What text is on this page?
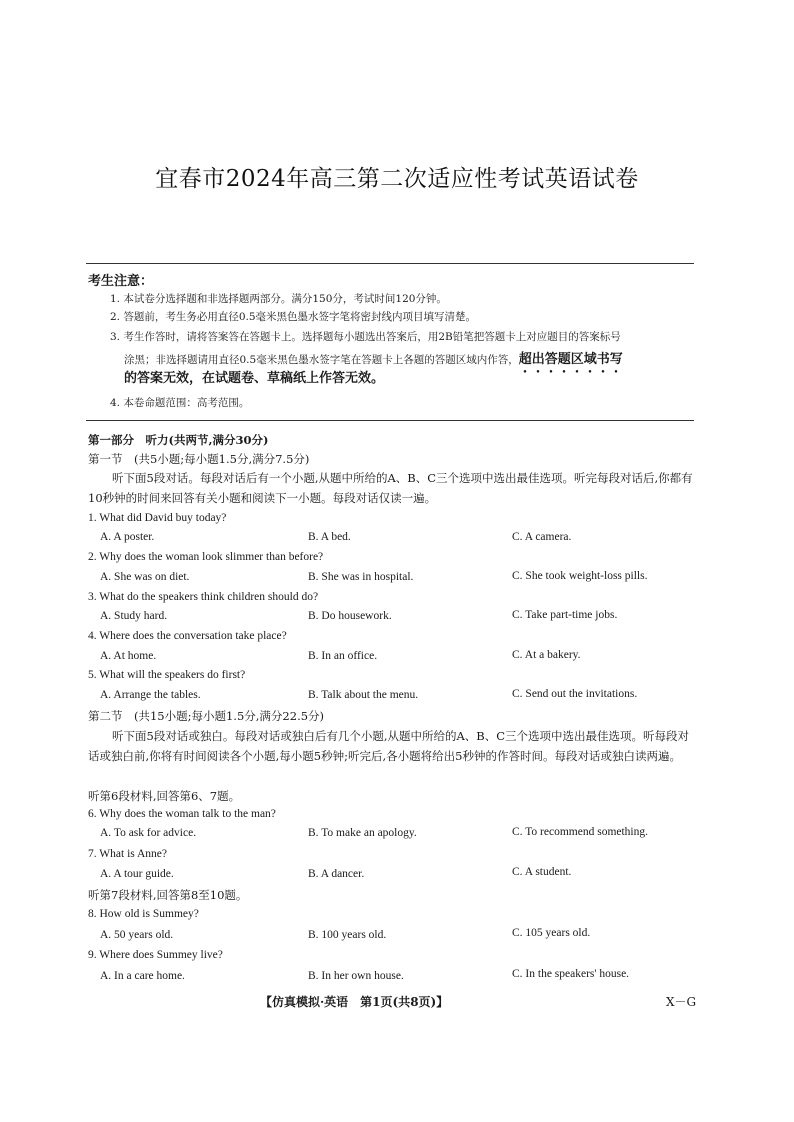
宜春市2024年高三第二次适应性考试英语试卷
考生注意：
1. 本试卷分选择题和非选择题两部分。满分150分，考试时间120分钟。
2. 答题前，考生务必用直径0.5毫米黑色墨水签字笔将密封线内项目填写清楚。
3. 考生作答时，请将答案答在答题卡上。选择题每小题选出答案后，用2B铅笔把答题卡上对应题目的答案标号
涂黑；非选择题请用直径0.5毫米黑色墨水签字笔在答题卡上各题的答题区域内作答，超出答题区域书写
的答案无效，在试题卷、草稿纸上作答无效。
4. 本卷命题范围：高考范围。
第一部分　听力(共两节,满分30分)
第一节　(共5小题;每小题1.5分,满分7.5分)
听下面5段对话。每段对话后有一个小题,从题中所给的A、B、C三个选项中选出最佳选项。听完每段对话后,你都有10秒钟的时间来回答有关小题和阅读下一小题。每段对话仅读一遍。
1. What did David buy today?
A. A poster.	B. A bed.	C. A camera.
2. Why does the woman look slimmer than before?
A. She was on diet.	B. She was in hospital.	C. She took weight-loss pills.
3. What do the speakers think children should do?
A. Study hard.	B. Do housework.	C. Take part-time jobs.
4. Where does the conversation take place?
A. At home.	B. In an office.	C. At a bakery.
5. What will the speakers do first?
A. Arrange the tables.	B. Talk about the menu.	C. Send out the invitations.
第二节　(共15小题;每小题1.5分,满分22.5分)
听下面5段对话或独白。每段对话或独白后有几个小题,从题中所给的A、B、C三个选项中选出最佳选项。听每段对话或独白前,你将有时间阅读各个小题,每小题5秒钟;听完后,各小题将给出5秒钟的作答时间。每段对话或独白读两遍。
听第6段材料,回答第6、7题。
6. Why does the woman talk to the man?
A. To ask for advice.	B. To make an apology.	C. To recommend something.
7. What is Anne?
A. A tour guide.	B. A dancer.	C. A student.
听第7段材料,回答第8至10题。
8. How old is Summey?
A. 50 years old.	B. 100 years old.	C. 105 years old.
9. Where does Summey live?
A. In a care home.	B. In her own house.	C. In the speakers' house.
【仿真模拟·英语　第1页(共8页)】	X－G
